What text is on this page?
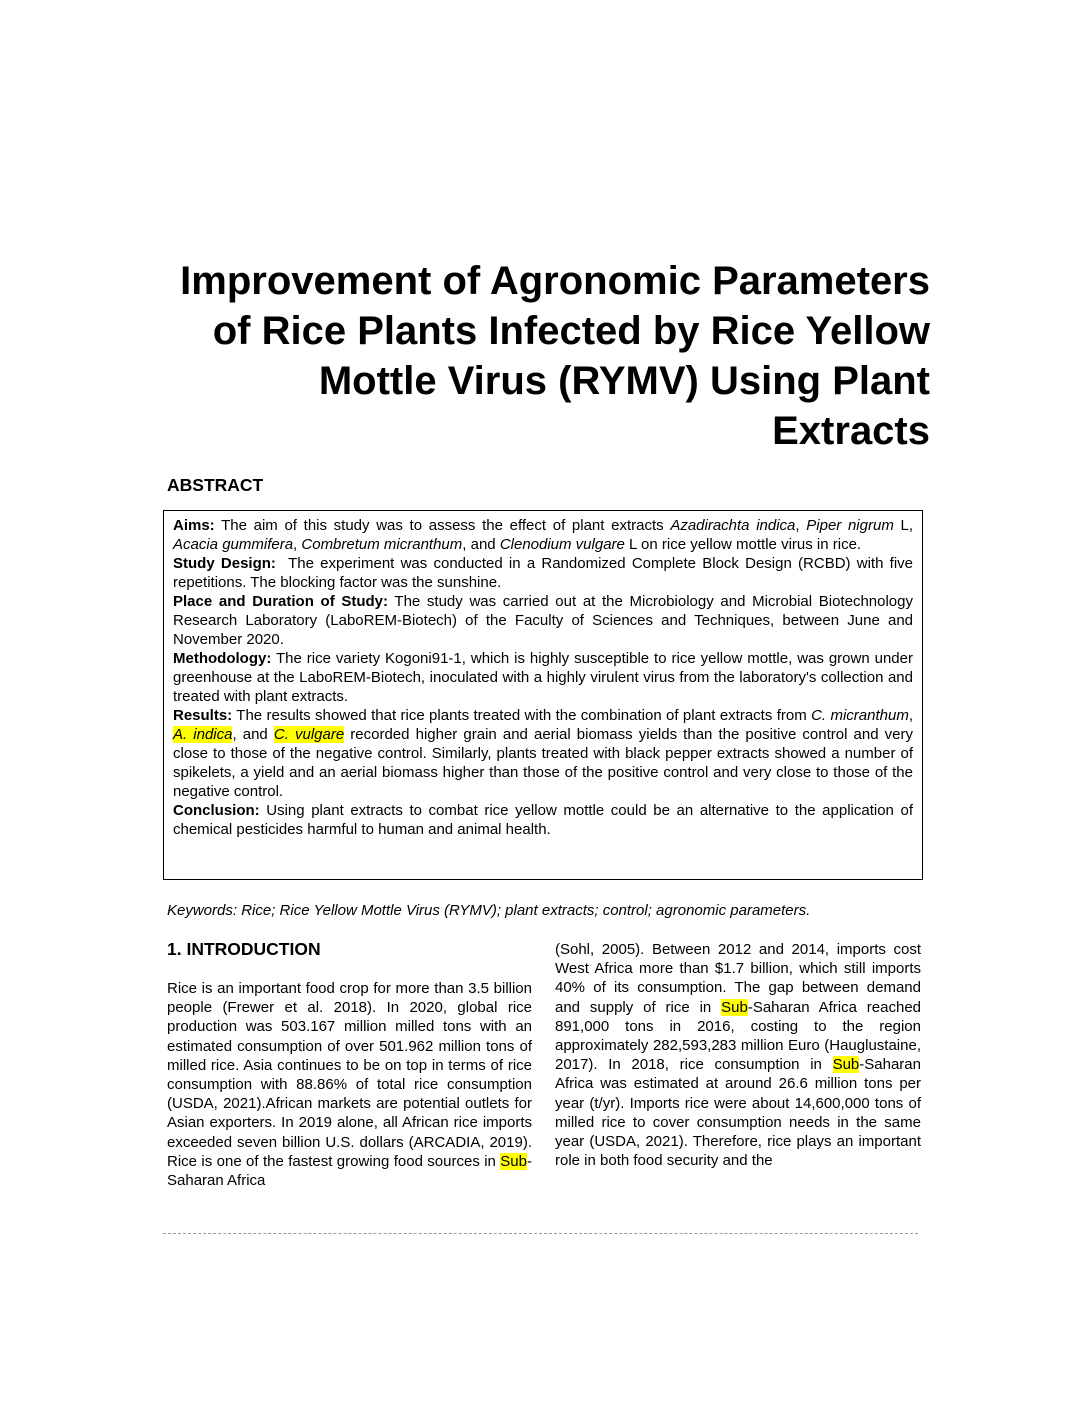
Improvement of Agronomic Parameters of Rice Plants Infected by Rice Yellow Mottle Virus (RYMV) Using Plant Extracts
ABSTRACT

Aims: The aim of this study was to assess the effect of plant extracts Azadirachta indica, Piper nigrum L, Acacia gummifera, Combretum micranthum, and Clenodium vulgare L on rice yellow mottle virus in rice.

Study Design:  The experiment was conducted in a Randomized Complete Block Design (RCBD) with five repetitions. The blocking factor was the sunshine.

Place and Duration of Study: The study was carried out at the Microbiology and Microbial Biotechnology Research Laboratory (LaboREM-Biotech) of the Faculty of Sciences and Techniques, between June and November 2020.

Methodology: The rice variety Kogoni91-1, which is highly susceptible to rice yellow mottle, was grown under greenhouse at the LaboREM-Biotech, inoculated with a highly virulent virus from the laboratory's collection and treated with plant extracts.

Results: The results showed that rice plants treated with the combination of plant extracts from C. micranthum, A. indica, and C. vulgare recorded higher grain and aerial biomass yields than the positive control and very close to those of the negative control. Similarly, plants treated with black pepper extracts showed a number of spikelets, a yield and an aerial biomass higher than those of the positive control and very close to those of the negative control.

Conclusion: Using plant extracts to combat rice yellow mottle could be an alternative to the application of chemical pesticides harmful to human and animal health.

Keywords: Rice; Rice Yellow Mottle Virus (RYMV); plant extracts; control; agronomic parameters.
1. INTRODUCTION

Rice is an important food crop for more than 3.5 billion people (Frewer et al. 2018). In 2020, global rice production was 503.167 million milled tons with an estimated consumption of over 501.962 million tons of milled rice. Asia continues to be on top in terms of rice consumption with 88.86% of total rice consumption (USDA, 2021).African markets are potential outlets for Asian exporters. In 2019 alone, all African rice imports exceeded seven billion U.S. dollars (ARCADIA, 2019). Rice is one of the fastest growing food sources in Sub-Saharan Africa

(Sohl, 2005). Between 2012 and 2014, imports cost West Africa more than $1.7 billion, which still imports 40% of its consumption. The gap between demand and supply of rice in Sub-Saharan Africa reached 891,000 tons in 2016, costing to the region approximately 282,593,283 million Euro (Hauglustaine, 2017). In 2018, rice consumption in Sub-Saharan Africa was estimated at around 26.6 million tons per year (t/yr). Imports rice were about 14,600,000 tons of milled rice to cover consumption needs in the same year (USDA, 2021). Therefore, rice plays an important role in both food security and the
